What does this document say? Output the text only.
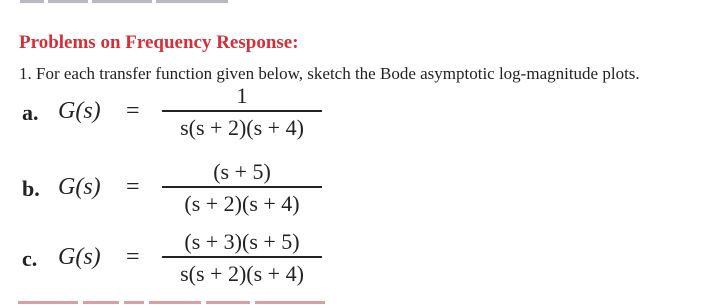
Problems on Frequency Response:
1. For each transfer function given below, sketch the Bode asymptotic log-magnitude plots.
a. G(s) =
1
s(s + 2)(s + 4)
b. G(s) =
(s + 5)
(s + 2)(s + 4)
c. G(s) =
(s + 3)(s + 5)
s(s + 2)(s + 4)
